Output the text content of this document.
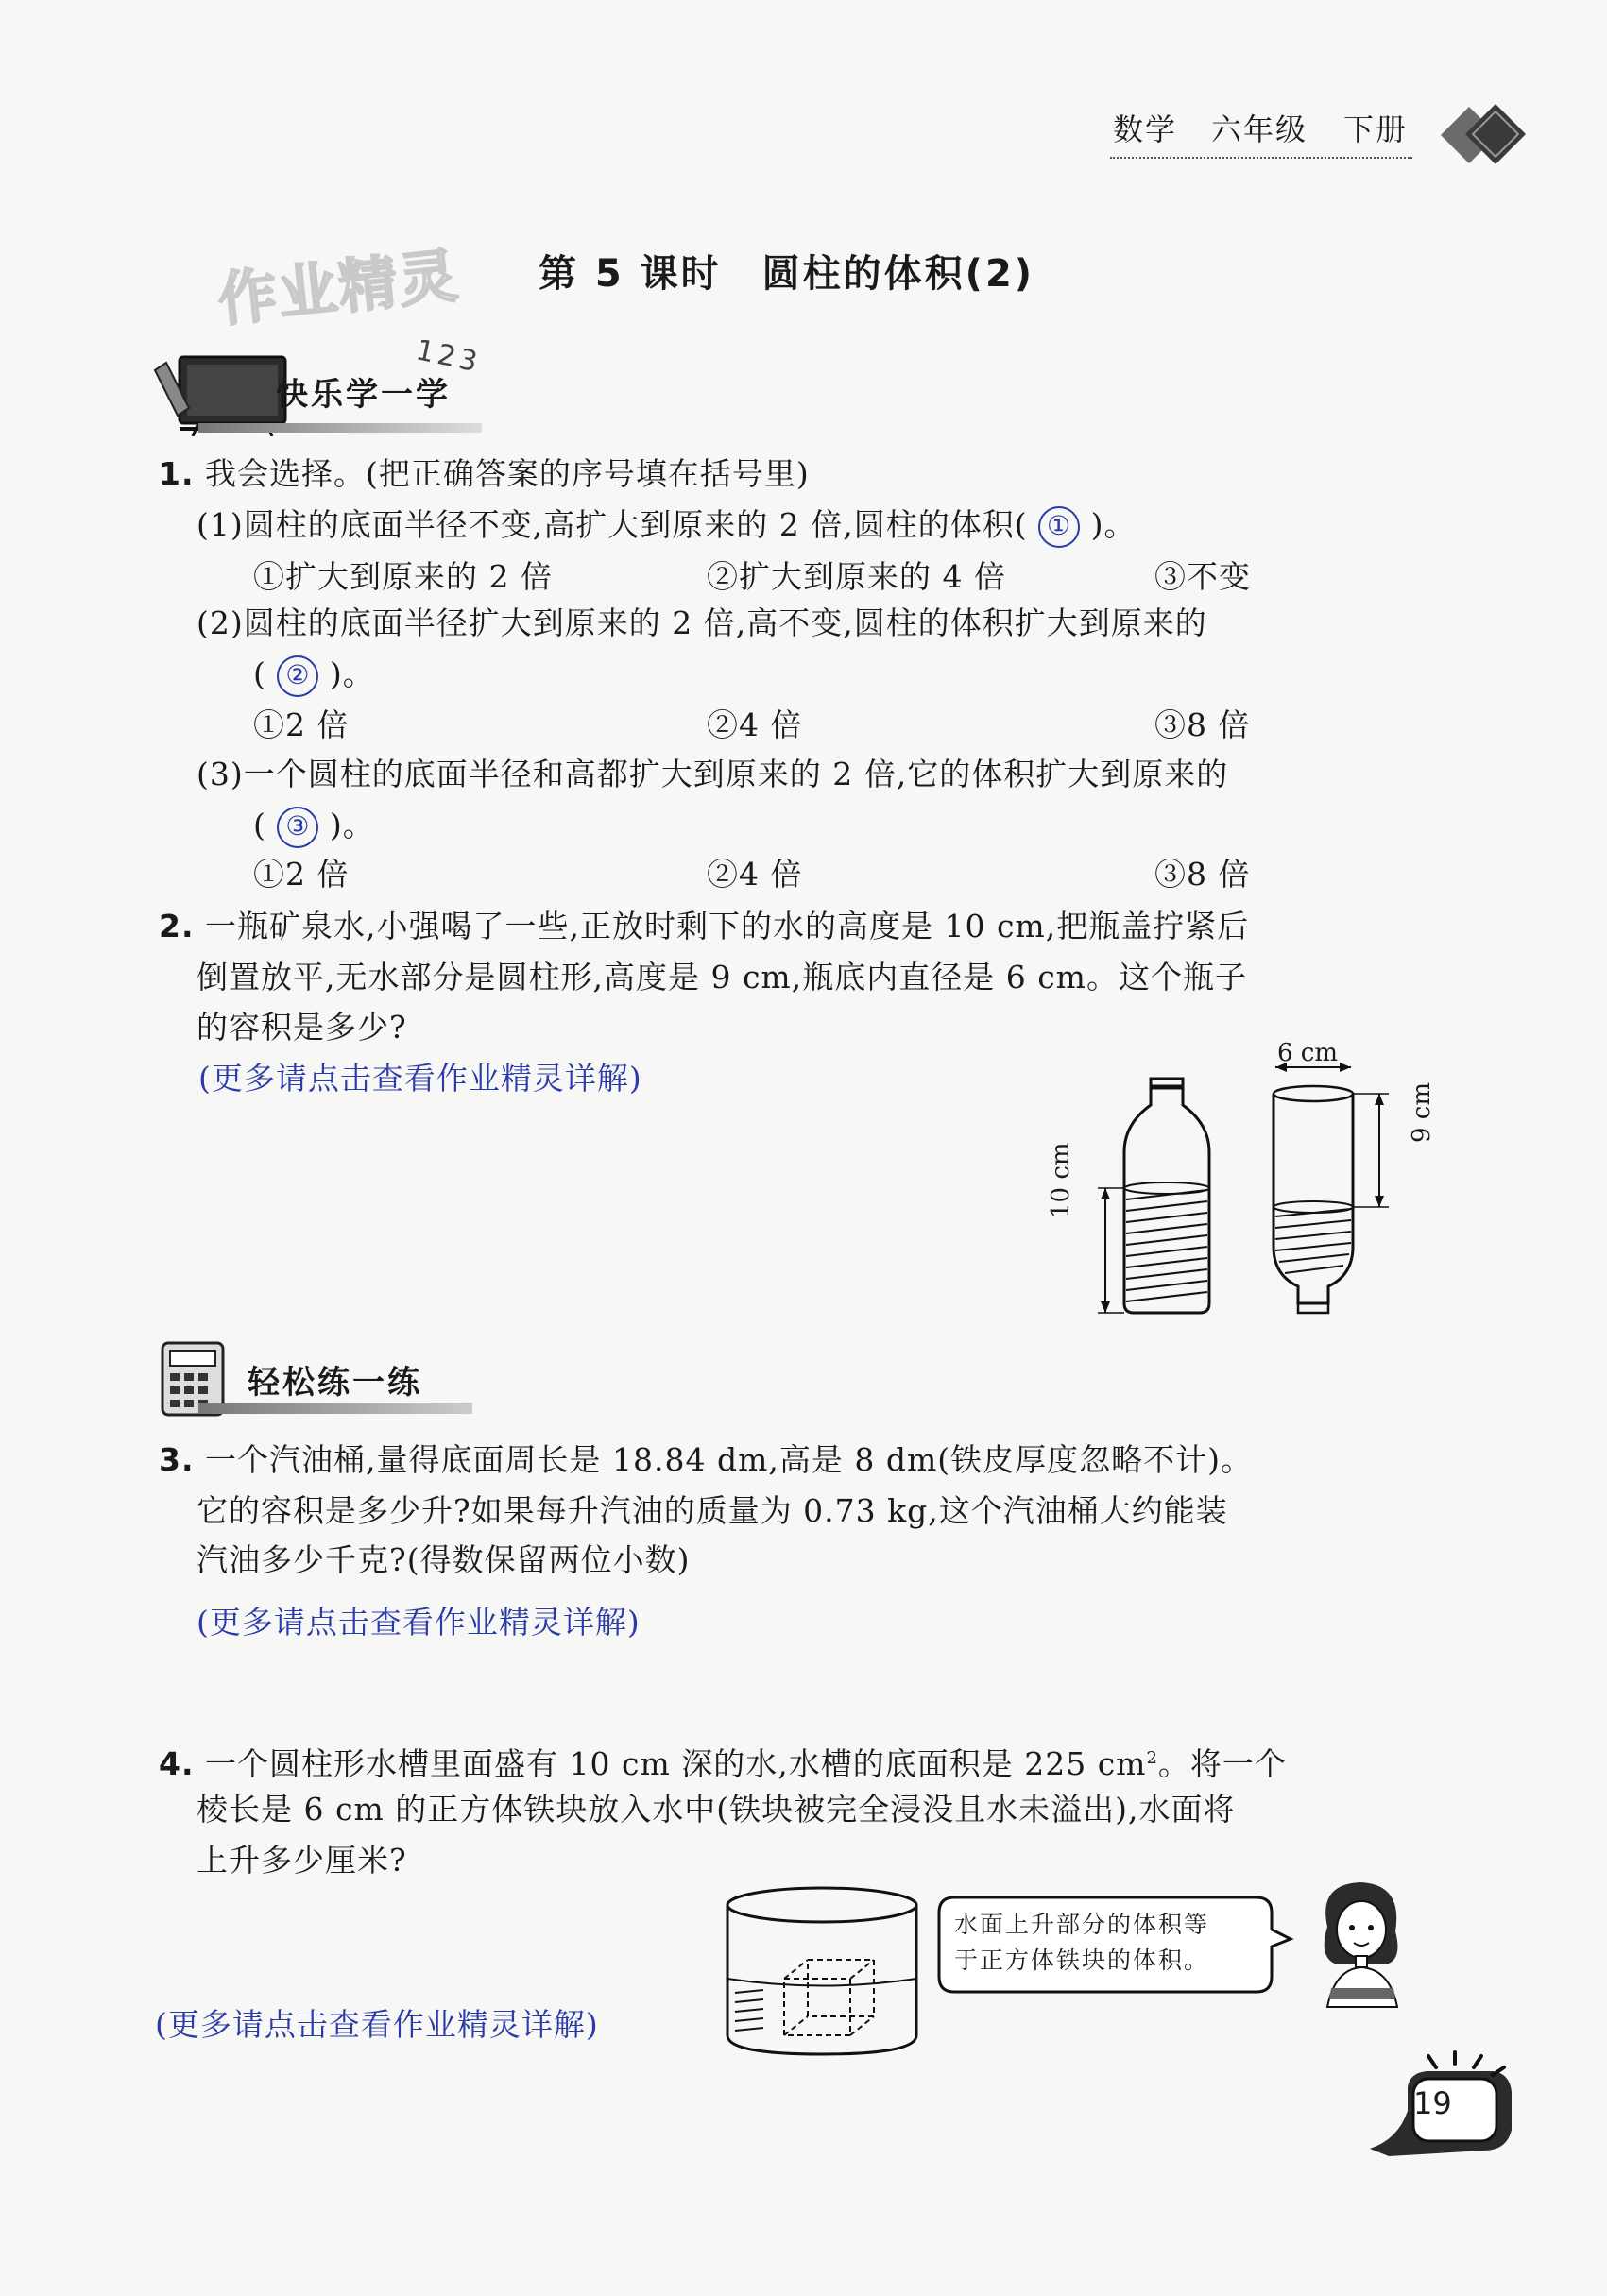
数学 六年级 下册
作业精灵 第 5 课时　圆柱的体积(2)
快乐学一学
123
1. 我会选择。(把正确答案的序号填在括号里)
(1)圆柱的底面半径不变,高扩大到原来的 2 倍,圆柱的体积( ① )。
①扩大到原来的 2 倍	②扩大到原来的 4 倍	③不变
(2)圆柱的底面半径扩大到原来的 2 倍,高不变,圆柱的体积扩大到原来的
( ② )。
①2 倍	②4 倍	③8 倍
(3)一个圆柱的底面半径和高都扩大到原来的 2 倍,它的体积扩大到原来的
( ③ )。
①2 倍	②4 倍	③8 倍
2. 一瓶矿泉水,小强喝了一些,正放时剩下的水的高度是 10 cm,把瓶盖拧紧后
倒置放平,无水部分是圆柱形,高度是 9 cm,瓶底内直径是 6 cm。这个瓶子
的容积是多少?
(更多请点击查看作业精灵详解)
10 cm
6 cm
9 cm
轻松练一练
3. 一个汽油桶,量得底面周长是 18.84 dm,高是 8 dm(铁皮厚度忽略不计)。
它的容积是多少升?如果每升汽油的质量为 0.73 kg,这个汽油桶大约能装
汽油多少千克?(得数保留两位小数)
(更多请点击查看作业精灵详解)
4. 一个圆柱形水槽里面盛有 10 cm 深的水,水槽的底面积是 225 $cm^2$。将一个
棱长是 6 cm 的正方体铁块放入水中(铁块被完全浸没且水未溢出),水面将
上升多少厘米?
水面上升部分的体积等
于正方体铁块的体积。
(更多请点击查看作业精灵详解)
19
